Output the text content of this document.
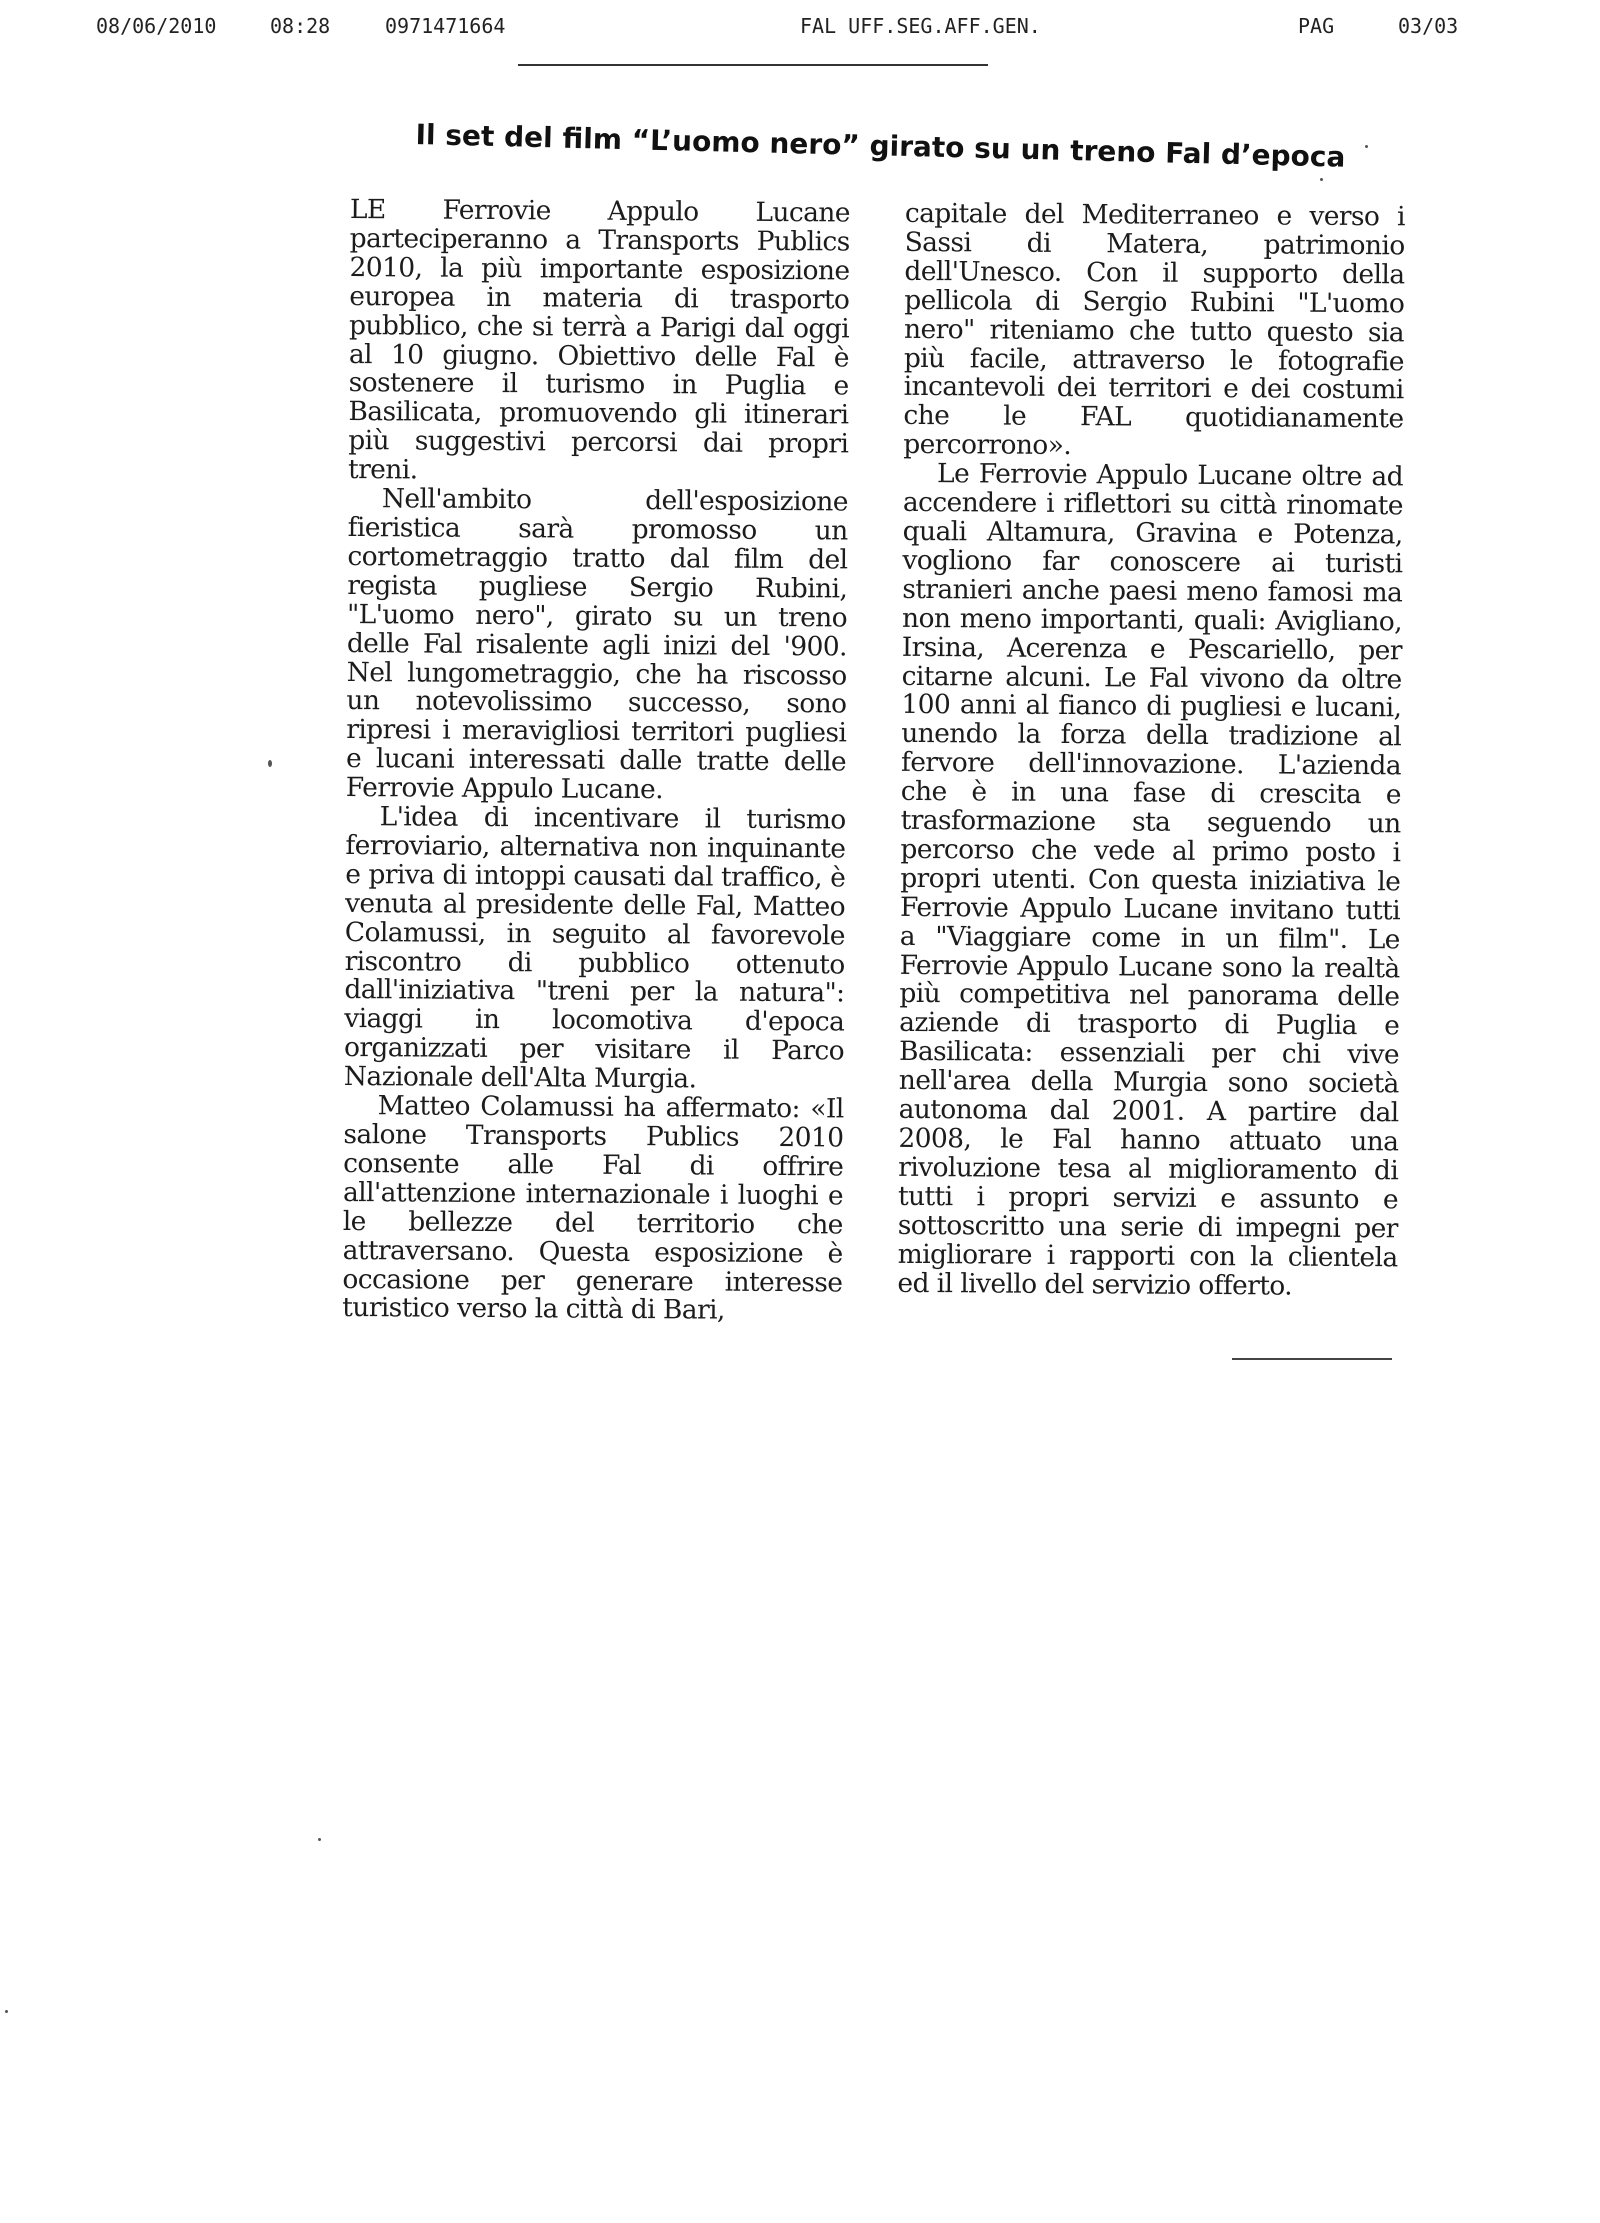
08/06/2010	08:28	0971471664	FAL UFF.SEG.AFF.GEN.	PAG	03/03
Il set del film “L’uomo nero” girato su un treno Fal d’epoca

LE Ferrovie Appulo Lucane parteciperanno a Transports Publics 2010, la più importante esposizione europea in materia di trasporto pubblico, che si terrà a Parigi dal oggi al 10 giugno. Obiettivo delle Fal è sostenere il turismo in Puglia e Basilicata, promuovendo gli itinerari più suggestivi percorsi dai propri treni.

Nell'ambito dell'esposizione fieristica sarà promosso un cortometraggio tratto dal film del regista pugliese Sergio Rubini, "L'uomo nero", girato su un treno delle Fal risalente agli inizi del '900. Nel lungometraggio, che ha riscosso un notevolissimo successo, sono ripresi i meravigliosi territori pugliesi e lucani interessati dalle tratte delle Ferrovie Appulo Lucane.

L'idea di incentivare il turismo ferroviario, alternativa non inquinante e priva di intoppi causati dal traffico, è venuta al presidente delle Fal, Matteo Colamussi, in seguito al favorevole riscontro di pubblico ottenuto dall'iniziativa "treni per la natura": viaggi in locomotiva d'epoca organizzati per visitare il Parco Nazionale dell'Alta Murgia.

Matteo Colamussi ha affermato: «Il salone Transports Publics 2010 consente alle Fal di offrire all'attenzione internazionale i luoghi e le bellezze del territorio che attraversano. Questa esposizione è occasione per generare interesse turistico verso la città di Bari,

capitale del Mediterraneo e verso i Sassi di Matera, patrimonio dell'Unesco. Con il supporto della pellicola di Sergio Rubini "L'uomo nero" riteniamo che tutto questo sia più facile, attraverso le fotografie incantevoli dei territori e dei costumi che le FAL quotidianamente percorrono».

Le Ferrovie Appulo Lucane oltre ad accendere i riflettori su città rinomate quali Altamura, Gravina e Potenza, vogliono far conoscere ai turisti stranieri anche paesi meno famosi ma non meno importanti, quali: Avigliano, Irsina, Acerenza e Pescariello, per citarne alcuni. Le Fal vivono da oltre 100 anni al fianco di pugliesi e lucani, unendo la forza della tradizione al fervore dell'innovazione. L'azienda che è in una fase di crescita e trasformazione sta seguendo un percorso che vede al primo posto i propri utenti. Con questa iniziativa le Ferrovie Appulo Lucane invitano tutti a "Viaggiare come in un film". Le Ferrovie Appulo Lucane sono la realtà più competitiva nel panorama delle aziende di trasporto di Puglia e Basilicata: essenziali per chi vive nell'area della Murgia sono società autonoma dal 2001. A partire dal 2008, le Fal hanno attuato una rivoluzione tesa al miglioramento di tutti i propri servizi e assunto e sottoscritto una serie di impegni per migliorare i rapporti con la clientela ed il livello del servizio offerto.
